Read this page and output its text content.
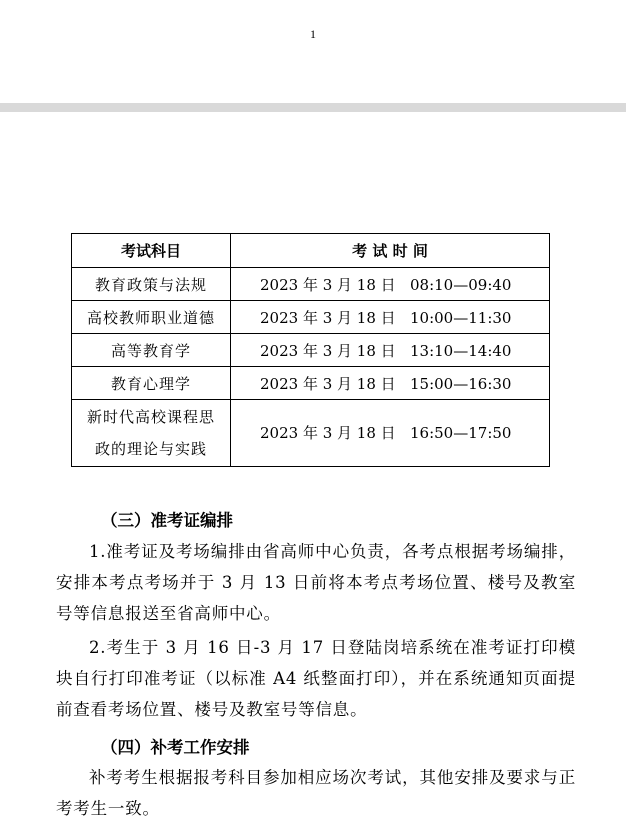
1
考试科目	考 试 时 间
教育政策与法规	2023 年 3 月 18 日 08:10—09:40
高校教师职业道德	2023 年 3 月 18 日 10:00—11:30
高等教育学	2023 年 3 月 18 日 13:10—14:40
教育心理学	2023 年 3 月 18 日 15:00—16:30
新时代高校课程思
政的理论与实践	2023 年 3 月 18 日 16:50—17:50
（三）准考证编排
1.准考证及考场编排由省高师中心负责，各考点根据考场编排，安排本考点考场并于 3 月 13 日前将本考点考场位置、楼号及教室号等信息报送至省高师中心。
2.考生于 3 月 16 日-3 月 17 日登陆岗培系统在准考证打印模块自行打印准考证（以标准 A4 纸整面打印），并在系统通知页面提前查看考场位置、楼号及教室号等信息。
（四）补考工作安排
补考考生根据报考科目参加相应场次考试，其他安排及要求与正考考生一致。
